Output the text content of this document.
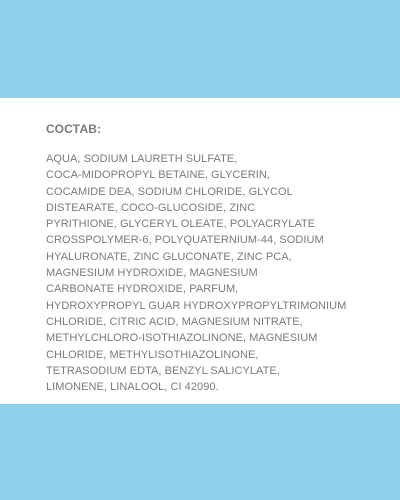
СОСТАВ:

AQUA, SODIUM LAURETH SULFATE,
COCA-MIDOPROPYL BETAINE, GLYCERIN,
COCAMIDE DEA, SODIUM CHLORIDE, GLYCOL
DISTEARATE, COCO-GLUCOSIDE, ZINC
PYRITHIONE, GLYCERYL OLEATE, POLYACRYLATE
CROSSPOLYMER-6, POLYQUATERNIUM-44, SODIUM
HYALURONATE, ZINC GLUCONATE, ZINC PCA,
MAGNESIUM HYDROXIDE, MAGNESIUM
CARBONATE HYDROXIDE, PARFUM,
HYDROXYPROPYL GUAR HYDROXYPROPYLTRIMONIUM
CHLORIDE, CITRIC ACID, MAGNESIUM NITRATE,
METHYLCHLORO-ISOTHIAZOLINONE, MAGNESIUM
CHLORIDE, METHYLISOTHIAZOLINONE,
TETRASODIUM EDTA, BENZYL SALICYLATE,
LIMONENE, LINALOOL, CI 42090.
